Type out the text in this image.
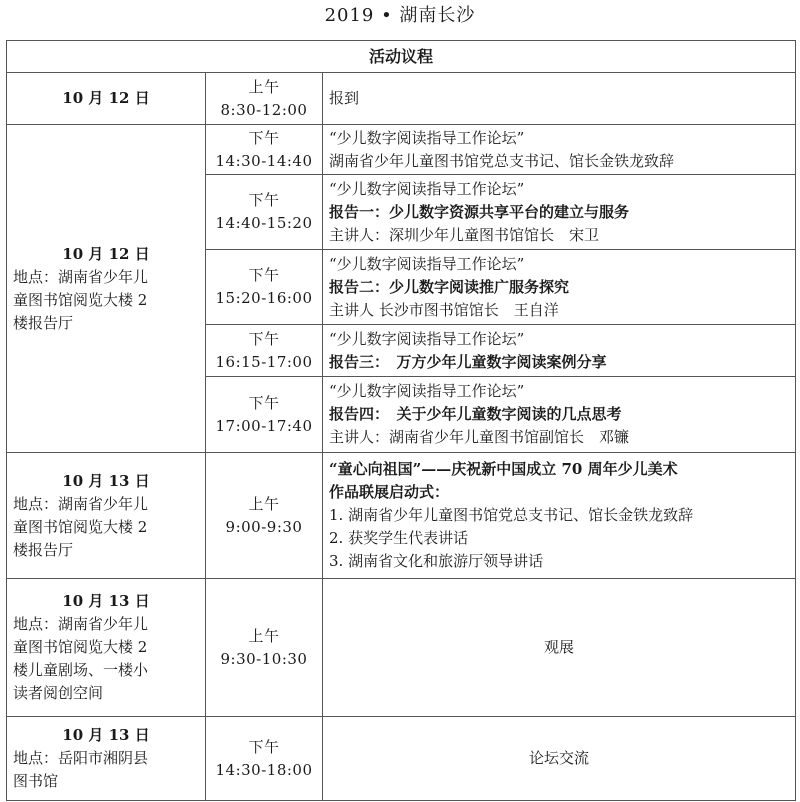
2019 • 湖南长沙
活动议程		

10 月 12 日	上午
8:30-12:00	报到

10 月 12 日
地点：湖南省少年儿
童图书馆阅览大楼 2
楼报告厅	下午
14:30-14:40	“少儿数字阅读指导工作论坛”
湖南省少年儿童图书馆党总支书记、馆长金铁龙致辞

	下午
14:40-15:20	“少儿数字阅读指导工作论坛”
报告一：少儿数字资源共享平台的建立与服务
主讲人：深圳少年儿童图书馆馆长　宋卫

	下午
15:20-16:00	“少儿数字阅读指导工作论坛”
报告二：少儿数字阅读推广服务探究
主讲人 长沙市图书馆馆长　王自洋

	下午
16:15-17:00	“少儿数字阅读指导工作论坛”
报告三：　万方少年儿童数字阅读案例分享

	下午
17:00-17:40	“少儿数字阅读指导工作论坛”
报告四：　关于少年儿童数字阅读的几点思考
主讲人：湖南省少年儿童图书馆副馆长　邓镰

10 月 13 日
地点：湖南省少年儿
童图书馆阅览大楼 2
楼报告厅	上午
9:00-9:30	“童心向祖国”——庆祝新中国成立 70 周年少儿美术
作品联展启动式：
1. 湖南省少年儿童图书馆党总支书记、馆长金铁龙致辞
2. 获奖学生代表讲话
3. 湖南省文化和旅游厅领导讲话

10 月 13 日
地点：湖南省少年儿
童图书馆阅览大楼 2
楼儿童剧场、一楼小
读者阅创空间	上午
9:30-10:30	观展

10 月 13 日
地点：岳阳市湘阴县
图书馆	下午
14:30-18:00	论坛交流
